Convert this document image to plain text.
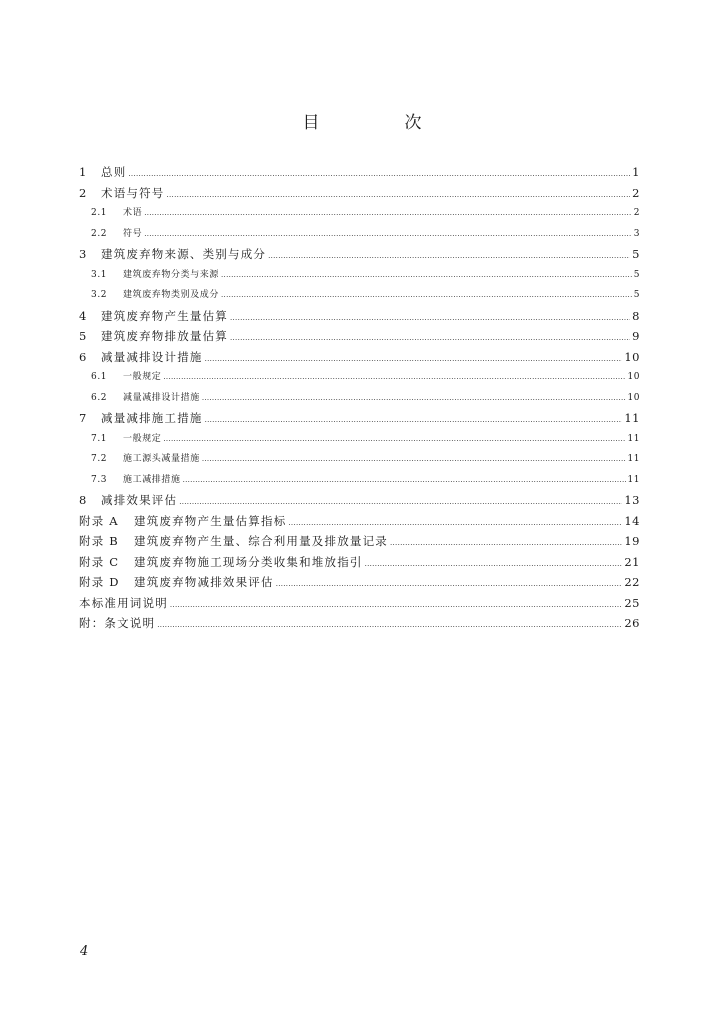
目　次
1	总则 .....	1
2	术语与符号 .....	2
2.1	术语 .....	2
2.2	符号 .....	3
3	建筑废弃物来源、类别与成分 .....	5
3.1	建筑废弃物分类与来源 .....	5
3.2	建筑废弃物类别及成分 .....	5
4	建筑废弃物产生量估算 .....	8
5	建筑废弃物排放量估算 .....	9
6	减量减排设计措施 .....	10
6.1	一般规定 .....	10
6.2	减量减排设计措施 .....	10
7	减量减排施工措施 .....	11
7.1	一般规定 .....	11
7.2	施工源头减量措施 .....	11
7.3	施工减排措施 .....	11
8	减排效果评估 .....	13
附录 A	建筑废弃物产生量估算指标 .....	14
附录 B	建筑废弃物产生量、综合利用量及排放量记录 .....	19
附录 C	建筑废弃物施工现场分类收集和堆放指引 .....	21
附录 D	建筑废弃物减排效果评估 .....	22
本标准用词说明 .....	25
附：条文说明 .....	26
4
